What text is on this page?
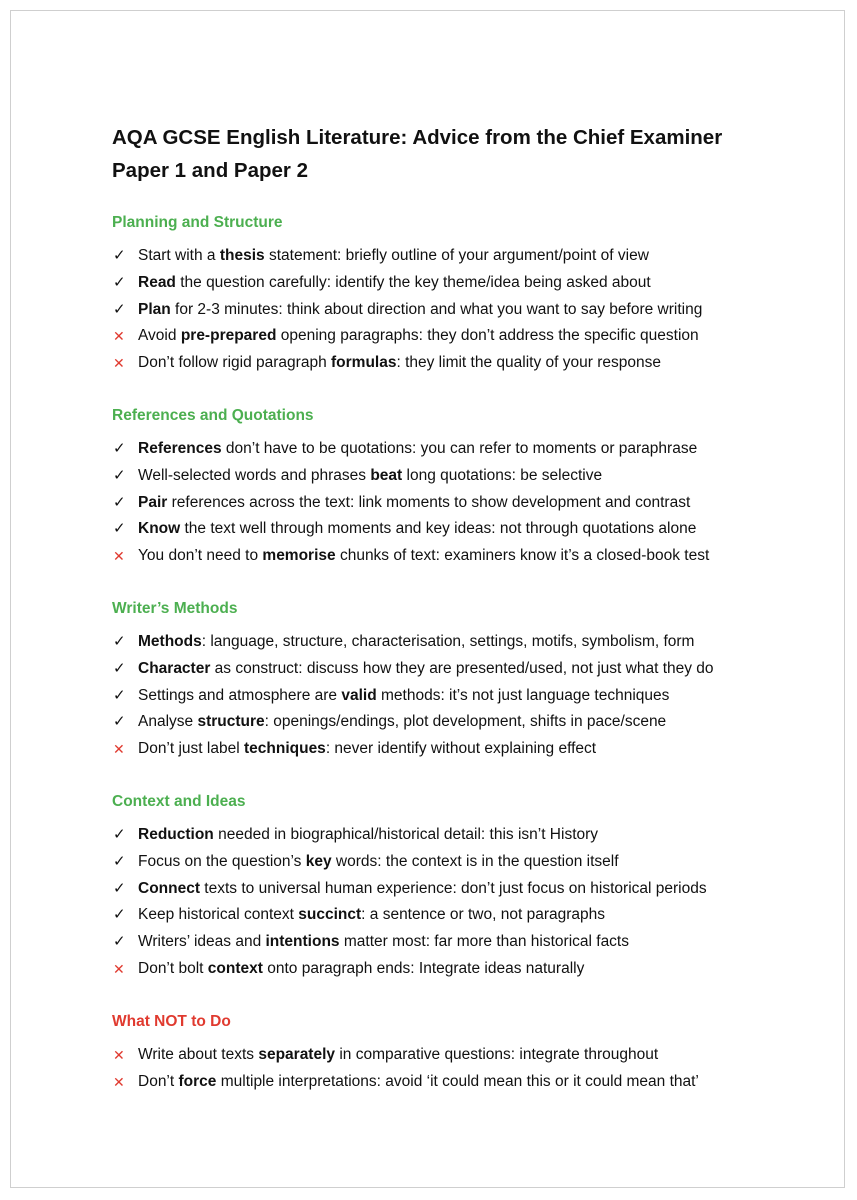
AQA GCSE English Literature: Advice from the Chief Examiner
Paper 1 and Paper 2
Planning and Structure
✓ Start with a thesis statement: briefly outline of your argument/point of view
✓ Read the question carefully: identify the key theme/idea being asked about
✓ Plan for 2-3 minutes: think about direction and what you want to say before writing
✕ Avoid pre-prepared opening paragraphs: they don’t address the specific question
✕ Don’t follow rigid paragraph formulas: they limit the quality of your response
References and Quotations
✓ References don’t have to be quotations: you can refer to moments or paraphrase
✓ Well-selected words and phrases beat long quotations: be selective
✓ Pair references across the text: link moments to show development and contrast
✓ Know the text well through moments and key ideas: not through quotations alone
✕ You don’t need to memorise chunks of text: examiners know it’s a closed-book test
Writer’s Methods
✓ Methods: language, structure, characterisation, settings, motifs, symbolism, form
✓ Character as construct: discuss how they are presented/used, not just what they do
✓ Settings and atmosphere are valid methods: it’s not just language techniques
✓ Analyse structure: openings/endings, plot development, shifts in pace/scene
✕ Don’t just label techniques: never identify without explaining effect
Context and Ideas
✓ Reduction needed in biographical/historical detail: this isn’t History
✓ Focus on the question’s key words: the context is in the question itself
✓ Connect texts to universal human experience: don’t just focus on historical periods
✓ Keep historical context succinct: a sentence or two, not paragraphs
✓ Writers’ ideas and intentions matter most: far more than historical facts
✕ Don’t bolt context onto paragraph ends: Integrate ideas naturally
What NOT to Do
✕ Write about texts separately in comparative questions: integrate throughout
✕ Don’t force multiple interpretations: avoid ‘it could mean this or it could mean that’
